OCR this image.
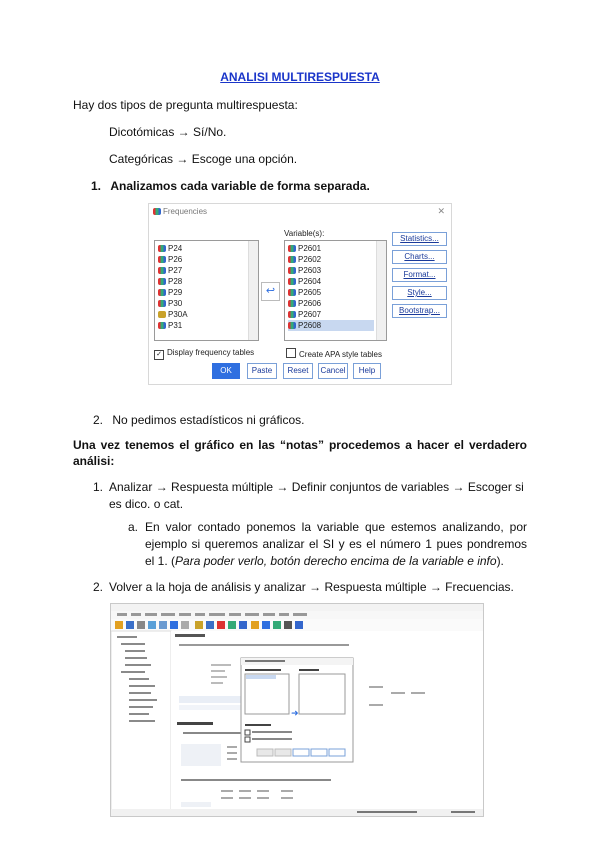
ANALISI MULTIRESPUESTA
Hay dos tipos de pregunta multirespuesta:
Dicotómicas → Sí/No.
Categóricas → Escoge una opción.
1. Analizamos cada variable de forma separada.
Frequencies	✕
P24
P26
P27
P28
P29
P30
P30A
P31
↩
Variable(s):
P2601
P2602
P2603
P2604
P2605
P2606
P2607
P2608
Statistics...
Charts...
Format...
Style...
Bootstrap...
✓ Display frequency tables	Create APA style tables
OK	Paste	Reset	Cancel	Help
2. No pedimos estadísticos ni gráficos.
Una vez tenemos el gráfico en las “notas” procedemos a hacer el verdadero análisi:
1. Analizar → Respuesta múltiple → Definir conjuntos de variables → Escoger si
es dico. o cat.
a. En valor contado ponemos la variable que estemos analizando, por
ejemplo si queremos analizar el SI y es el número 1 pues pondremos
el 1. (Para poder verlo, botón derecho encima de la variable e info).
2. Volver a la hoja de análisis y analizar → Respuesta múltiple → Frecuencias.
➜
